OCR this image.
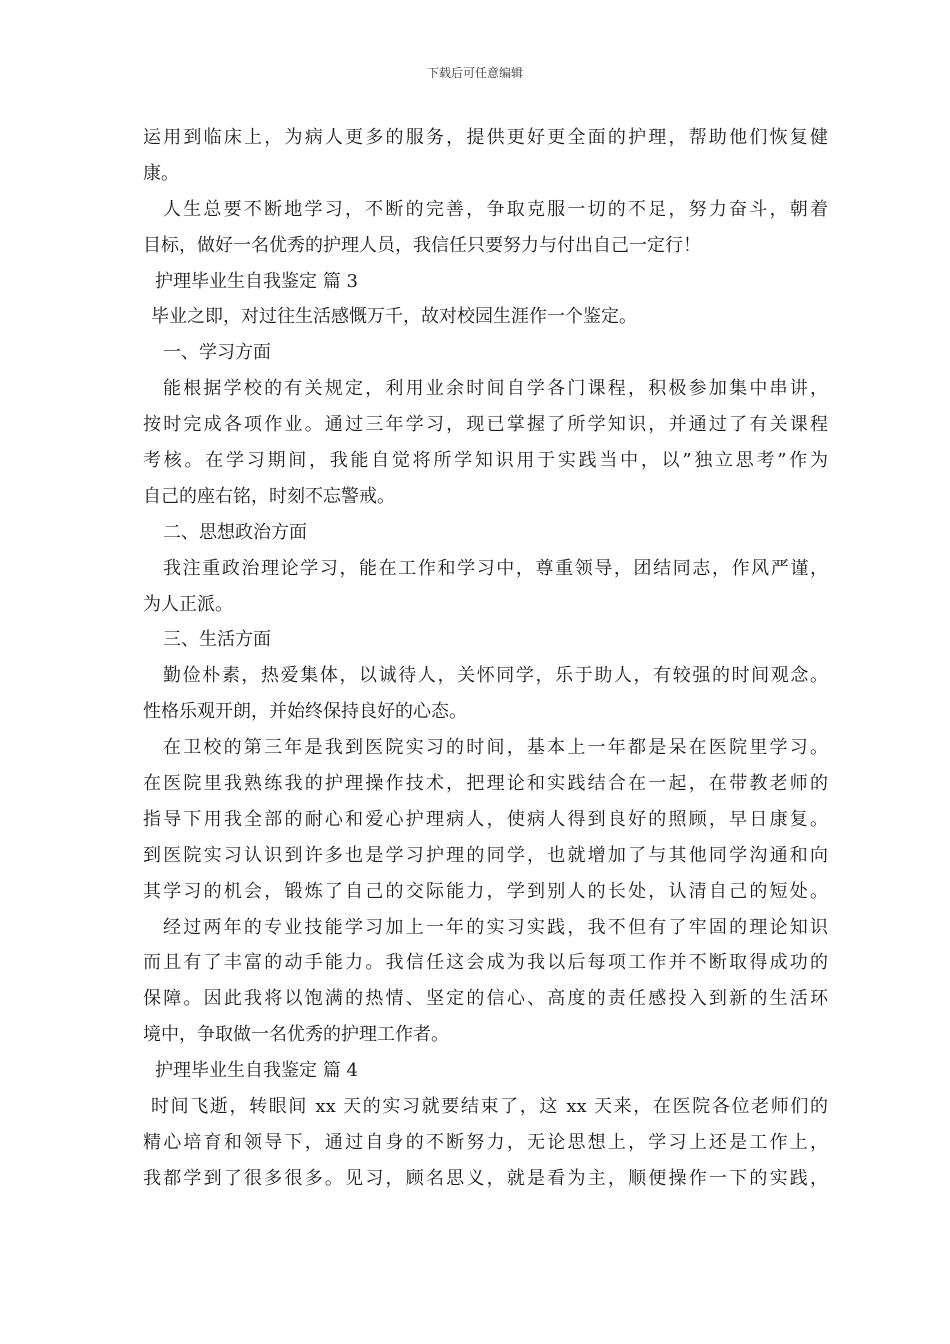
下载后可任意编辑
运用到临床上，为病人更多的服务，提供更好更全面的护理，帮助他们恢复健
康。
人生总要不断地学习，不断的完善，争取克服一切的不足，努力奋斗，朝着
目标，做好一名优秀的护理人员，我信任只要努力与付出自己一定行！
护理毕业生自我鉴定 篇 3
毕业之即，对过往生活感慨万千，故对校园生涯作一个鉴定。
一、学习方面
能根据学校的有关规定，利用业余时间自学各门课程，积极参加集中串讲，
按时完成各项作业。通过三年学习，现已掌握了所学知识，并通过了有关课程
考核。在学习期间，我能自觉将所学知识用于实践当中，以”独立思考”作为
自己的座右铭，时刻不忘警戒。
二、思想政治方面
我注重政治理论学习，能在工作和学习中，尊重领导，团结同志，作风严谨，
为人正派。
三、生活方面
勤俭朴素，热爱集体，以诚待人，关怀同学，乐于助人，有较强的时间观念。
性格乐观开朗，并始终保持良好的心态。
在卫校的第三年是我到医院实习的时间，基本上一年都是呆在医院里学习。
在医院里我熟练我的护理操作技术，把理论和实践结合在一起，在带教老师的
指导下用我全部的耐心和爱心护理病人，使病人得到良好的照顾，早日康复。
到医院实习认识到许多也是学习护理的同学，也就增加了与其他同学沟通和向
其学习的机会，锻炼了自己的交际能力，学到别人的长处，认清自己的短处。
经过两年的专业技能学习加上一年的实习实践，我不但有了牢固的理论知识
而且有了丰富的动手能力。我信任这会成为我以后每项工作并不断取得成功的
保障。因此我将以饱满的热情、坚定的信心、高度的责任感投入到新的生活环
境中，争取做一名优秀的护理工作者。
护理毕业生自我鉴定 篇 4
时间飞逝，转眼间 xx 天的实习就要结束了，这 xx 天来，在医院各位老师们的
精心培育和领导下，通过自身的不断努力，无论思想上，学习上还是工作上，
我都学到了很多很多。见习，顾名思义，就是看为主，顺便操作一下的实践，
